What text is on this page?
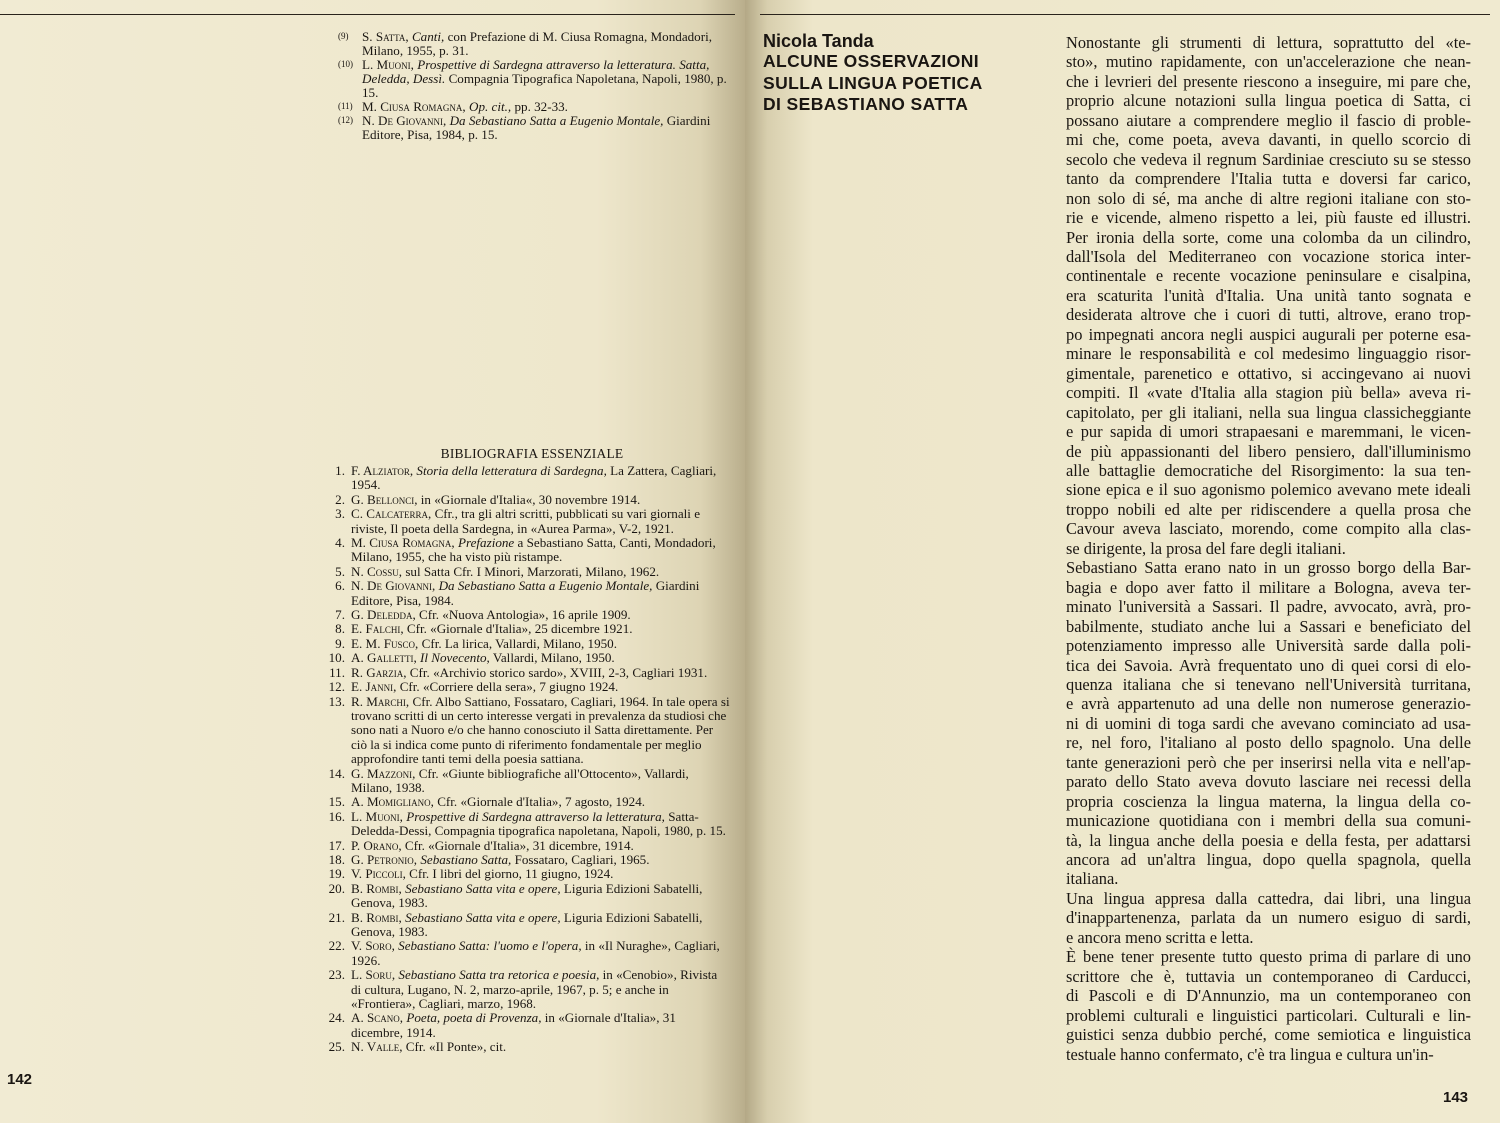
(9) S. Satta, Canti, con Prefazione di M. Ciusa Romagna, Mondadori, Milano, 1955, p. 31.

(10) L. Muoni, Prospettive di Sardegna attraverso la letteratura. Satta, Deledda, Dessì. Compagnia Tipografica Napoletana, Napoli, 1980, p. 15.

(11) M. Ciusa Romagna, Op. cit., pp. 32-33.

(12) N. De Giovanni, Da Sebastiano Satta a Eugenio Montale, Giardini Editore, Pisa, 1984, p. 15.

BIBLIOGRAFIA ESSENZIALE
1. F. Alziator, Storia della letteratura di Sardegna, La Zattera, Cagliari, 1954.
2. G. Bellonci, in «Giornale d'Italia«, 30 novembre 1914.
3. C. Calcaterra, Cfr., tra gli altri scritti, pubblicati su vari giornali e riviste, Il poeta della Sardegna, in «Aurea Parma», V-2, 1921.
4. M. Ciusa Romagna, Prefazione a Sebastiano Satta, Canti, Mondadori, Milano, 1955, che ha visto più ristampe.
5. N. Cossu, sul Satta Cfr. I Minori, Marzorati, Milano, 1962.
6. N. De Giovanni, Da Sebastiano Satta a Eugenio Montale, Giardini Editore, Pisa, 1984.
7. G. Deledda, Cfr. «Nuova Antologia», 16 aprile 1909.
8. E. Falchi, Cfr. «Giornale d'Italia», 25 dicembre 1921.
9. E. M. Fusco, Cfr. La lirica, Vallardi, Milano, 1950.
10. A. Galletti, Il Novecento, Vallardi, Milano, 1950.
11. R. Garzia, Cfr. «Archivio storico sardo», XVIII, 2-3, Cagliari 1931.
12. E. Janni, Cfr. «Corriere della sera», 7 giugno 1924.
13. R. Marchi, Cfr. Albo Sattiano, Fossataro, Cagliari, 1964. In tale opera si trovano scritti di un certo interesse vergati in prevalenza da studiosi che sono nati a Nuoro e/o che hanno conosciuto il Satta direttamente. Per ciò la si indica come punto di riferimento fondamentale per meglio approfondire tanti temi della poesia sattiana.
14. G. Mazzoni, Cfr. «Giunte bibliografiche all'Ottocento», Vallardi, Milano, 1938.
15. A. Momigliano, Cfr. «Giornale d'Italia», 7 agosto, 1924.
16. L. Muoni, Prospettive di Sardegna attraverso la letteratura, Satta-Deledda-Dessi, Compagnia tipografica napoletana, Napoli, 1980, p. 15.
17. P. Orano, Cfr. «Giornale d'Italia», 31 dicembre, 1914.
18. G. Petronio, Sebastiano Satta, Fossataro, Cagliari, 1965.
19. V. Piccoli, Cfr. I libri del giorno, 11 giugno, 1924.
20. B. Rombi, Sebastiano Satta vita e opere, Liguria Edizioni Sabatelli, Genova, 1983.
21. B. Rombi, Sebastiano Satta vita e opere, Liguria Edizioni Sabatelli, Genova, 1983.
22. V. Soro, Sebastiano Satta: l'uomo e l'opera, in «Il Nuraghe», Cagliari, 1926.
23. L. Soru, Sebastiano Satta tra retorica e poesia, in «Cenobio», Rivista di cultura, Lugano, N. 2, marzo-aprile, 1967, p. 5; e anche in «Frontiera», Cagliari, marzo, 1968.
24. A. Scano, Poeta, poeta di Provenza, in «Giornale d'Italia», 31 dicembre, 1914.
25. N. Valle, Cfr. «Il Ponte», cit.
142
Nicola Tanda
ALCUNE OSSERVAZIONI
SULLA LINGUA POETICA
DI SEBASTIANO SATTA

Nonostante gli strumenti di lettura, soprattutto del «te-
sto», mutino rapidamente, con un'accelerazione che nean-
che i levrieri del presente riescono a inseguire, mi pare che,
proprio alcune notazioni sulla lingua poetica di Satta, ci
possano aiutare a comprendere meglio il fascio di proble-
mi che, come poeta, aveva davanti, in quello scorcio di
secolo che vedeva il regnum Sardiniae cresciuto su se stesso
tanto da comprendere l'Italia tutta e doversi far carico,
non solo di sé, ma anche di altre regioni italiane con sto-
rie e vicende, almeno rispetto a lei, più fauste ed illustri.
Per ironia della sorte, come una colomba da un cilindro,
dall'Isola del Mediterraneo con vocazione storica inter-
continentale e recente vocazione peninsulare e cisalpina,
era scaturita l'unità d'Italia. Una unità tanto sognata e
desiderata altrove che i cuori di tutti, altrove, erano trop-
po impegnati ancora negli auspici augurali per poterne esa-
minare le responsabilità e col medesimo linguaggio risor-
gimentale, parenetico e ottativo, si accingevano ai nuovi
compiti. Il «vate d'Italia alla stagion più bella» aveva ri-
capitolato, per gli italiani, nella sua lingua classicheggiante
e pur sapida di umori strapaesani e maremmani, le vicen-
de più appassionanti del libero pensiero, dall'illuminismo
alle battaglie democratiche del Risorgimento: la sua ten-
sione epica e il suo agonismo polemico avevano mete ideali
troppo nobili ed alte per ridiscendere a quella prosa che
Cavour aveva lasciato, morendo, come compito alla clas-
se dirigente, la prosa del fare degli italiani.

Sebastiano Satta erano nato in un grosso borgo della Bar-
bagia e dopo aver fatto il militare a Bologna, aveva ter-
minato l'università a Sassari. Il padre, avvocato, avrà, pro-
babilmente, studiato anche lui a Sassari e beneficiato del
potenziamento impresso alle Università sarde dalla poli-
tica dei Savoia. Avrà frequentato uno di quei corsi di elo-
quenza italiana che si tenevano nell'Università turritana,
e avrà appartenuto ad una delle non numerose generazio-
ni di uomini di toga sardi che avevano cominciato ad usa-
re, nel foro, l'italiano al posto dello spagnolo. Una delle
tante generazioni però che per inserirsi nella vita e nell'ap-
parato dello Stato aveva dovuto lasciare nei recessi della
propria coscienza la lingua materna, la lingua della co-
municazione quotidiana con i membri della sua comuni-
tà, la lingua anche della poesia e della festa, per adattarsi
ancora ad un'altra lingua, dopo quella spagnola, quella
italiana.

Una lingua appresa dalla cattedra, dai libri, una lingua
d'inappartenenza, parlata da un numero esiguo di sardi,
e ancora meno scritta e letta.

È bene tener presente tutto questo prima di parlare di uno
scrittore che è, tuttavia un contemporaneo di Carducci,
di Pascoli e di D'Annunzio, ma un contemporaneo con
problemi culturali e linguistici particolari. Culturali e lin-
guistici senza dubbio perché, come semiotica e linguistica
testuale hanno confermato, c'è tra lingua e cultura un'in-

143
